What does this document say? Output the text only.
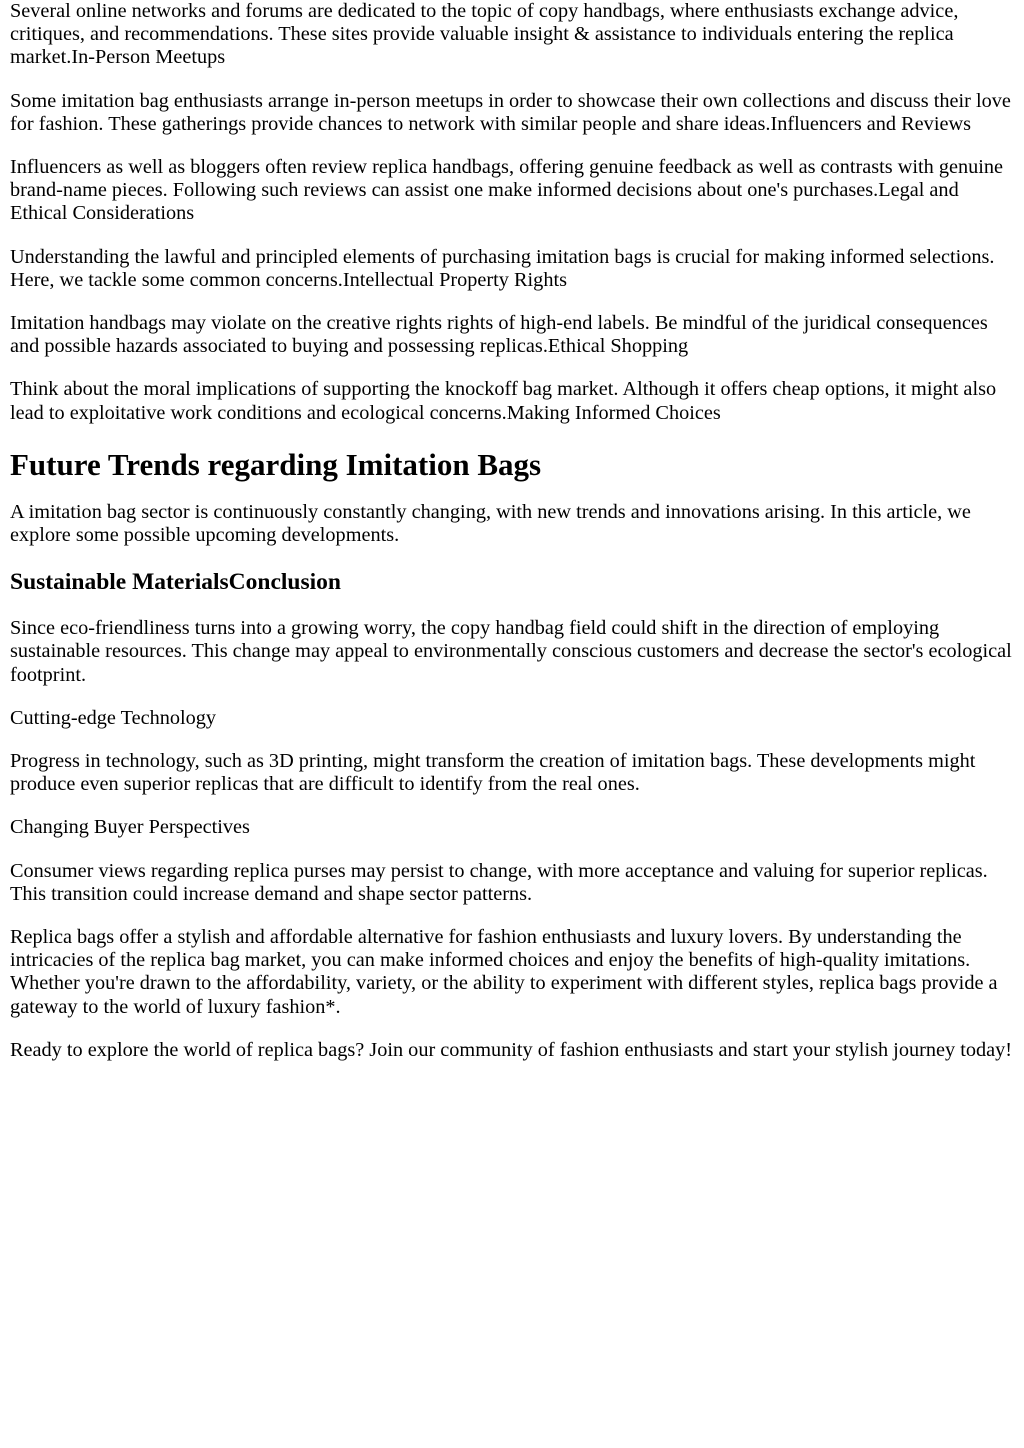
Several online networks and forums are dedicated to the topic of copy handbags, where enthusiasts exchange advice, critiques, and recommendations. These sites provide valuable insight & assistance to individuals entering the replica market.In-Person Meetups

Some imitation bag enthusiasts arrange in-person meetups in order to showcase their own collections and discuss their love for fashion. These gatherings provide chances to network with similar people and share ideas.Influencers and Reviews

Influencers as well as bloggers often review replica handbags, offering genuine feedback as well as contrasts with genuine brand-name pieces. Following such reviews can assist one make informed decisions about one's purchases.Legal and Ethical Considerations

Understanding the lawful and principled elements of purchasing imitation bags is crucial for making informed selections. Here, we tackle some common concerns.Intellectual Property Rights

Imitation handbags may violate on the creative rights rights of high-end labels. Be mindful of the juridical consequences and possible hazards associated to buying and possessing replicas.Ethical Shopping

Think about the moral implications of supporting the knockoff bag market. Although it offers cheap options, it might also lead to exploitative work conditions and ecological concerns.Making Informed Choices

Future Trends regarding Imitation Bags

A imitation bag sector is continuously constantly changing, with new trends and innovations arising. In this article, we explore some possible upcoming developments.

Sustainable MaterialsConclusion

Since eco-friendliness turns into a growing worry, the copy handbag field could shift in the direction of employing sustainable resources. This change may appeal to environmentally conscious customers and decrease the sector's ecological footprint.

Cutting-edge Technology

Progress in technology, such as 3D printing, might transform the creation of imitation bags. These developments might produce even superior replicas that are difficult to identify from the real ones.

Changing Buyer Perspectives

Consumer views regarding replica purses may persist to change, with more acceptance and valuing for superior replicas. This transition could increase demand and shape sector patterns.

Replica bags offer a stylish and affordable alternative for fashion enthusiasts and luxury lovers. By understanding the intricacies of the replica bag market, you can make informed choices and enjoy the benefits of high-quality imitations. Whether you're drawn to the affordability, variety, or the ability to experiment with different styles, replica bags provide a gateway to the world of luxury fashion*.

Ready to explore the world of replica bags? Join our community of fashion enthusiasts and start your stylish journey today!
